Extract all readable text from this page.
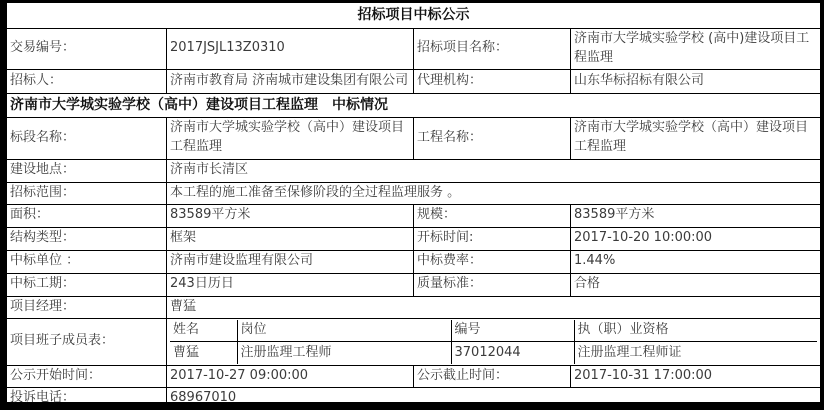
招标项目中标公示
交易编号：	2017JSJL13Z0310	招标项目名称：	济南市大学城实验学校 (高中)建设项目工程监理
招标人：	济南市教育局 济南城市建设集团有限公司	代理机构：	山东华标招标有限公司
济南市大学城实验学校（高中）建设项目工程监理　中标情况
标段名称：	济南市大学城实验学校（高中）建设项目工程监理	工程名称：	济南市大学城实验学校（高中）建设项目工程监理
建设地点：	济南市长清区
招标范围：	本工程的施工准备至保修阶段的全过程监理服务 。
面积：	83589平方米	规模：	83589平方米
结构类型：	框架	开标时间:	2017-10-20 10:00:00
中标单位 ：	济南市建设监理有限公司	中标费率：	1.44%
中标工期：	243日历日	质量标准：	合格
项目经理：	曹猛
项目班子成员表：	
姓名	岗位	编号	执（职）业资格
曹猛	注册监理工程师	37012044	注册监理工程师证

公示开始时间：	2017-10-27 09:00:00	公示截止时间：	2017-10-31 17:00:00
投诉电话：	68967010
